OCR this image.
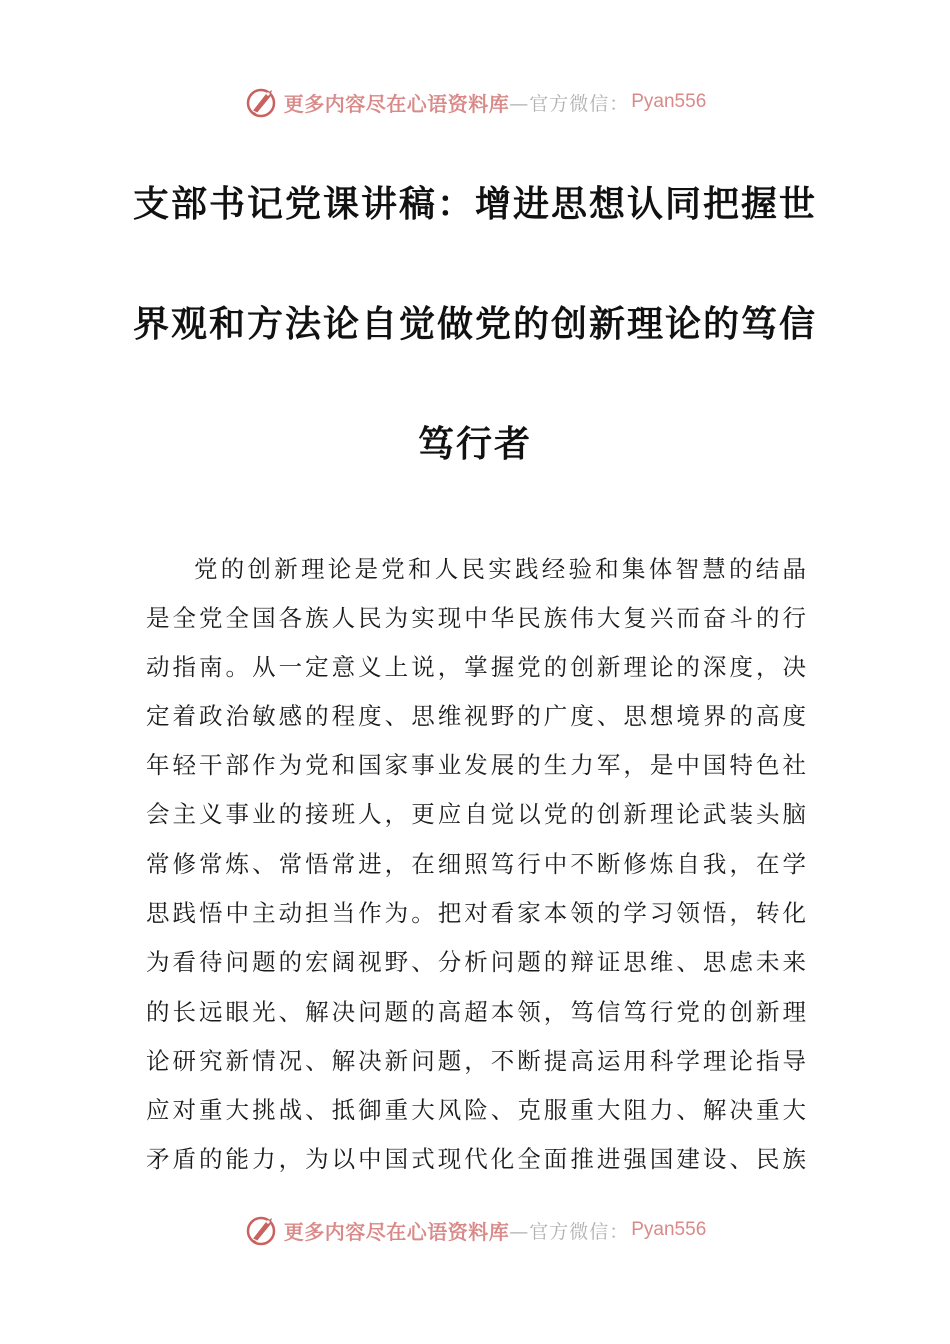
更多内容尽在心语资料库 —官方微信： Pyan556
支部书记党课讲稿：增进思想认同把握世
界观和方法论自觉做党的创新理论的笃信
笃行者
党的创新理论是党和人民实践经验和集体智慧的结晶
是全党全国各族人民为实现中华民族伟大复兴而奋斗的行
动指南。从一定意义上说，掌握党的创新理论的深度，决
定着政治敏感的程度、思维视野的广度、思想境界的高度
年轻干部作为党和国家事业发展的生力军，是中国特色社
会主义事业的接班人，更应自觉以党的创新理论武装头脑
常修常炼、常悟常进，在细照笃行中不断修炼自我，在学
思践悟中主动担当作为。把对看家本领的学习领悟，转化
为看待问题的宏阔视野、分析问题的辩证思维、思虑未来
的长远眼光、解决问题的高超本领，笃信笃行党的创新理
论研究新情况、解决新问题，不断提高运用科学理论指导
应对重大挑战、抵御重大风险、克服重大阻力、解决重大
矛盾的能力，为以中国式现代化全面推进强国建设、民族
更多内容尽在心语资料库 —官方微信： Pyan556
